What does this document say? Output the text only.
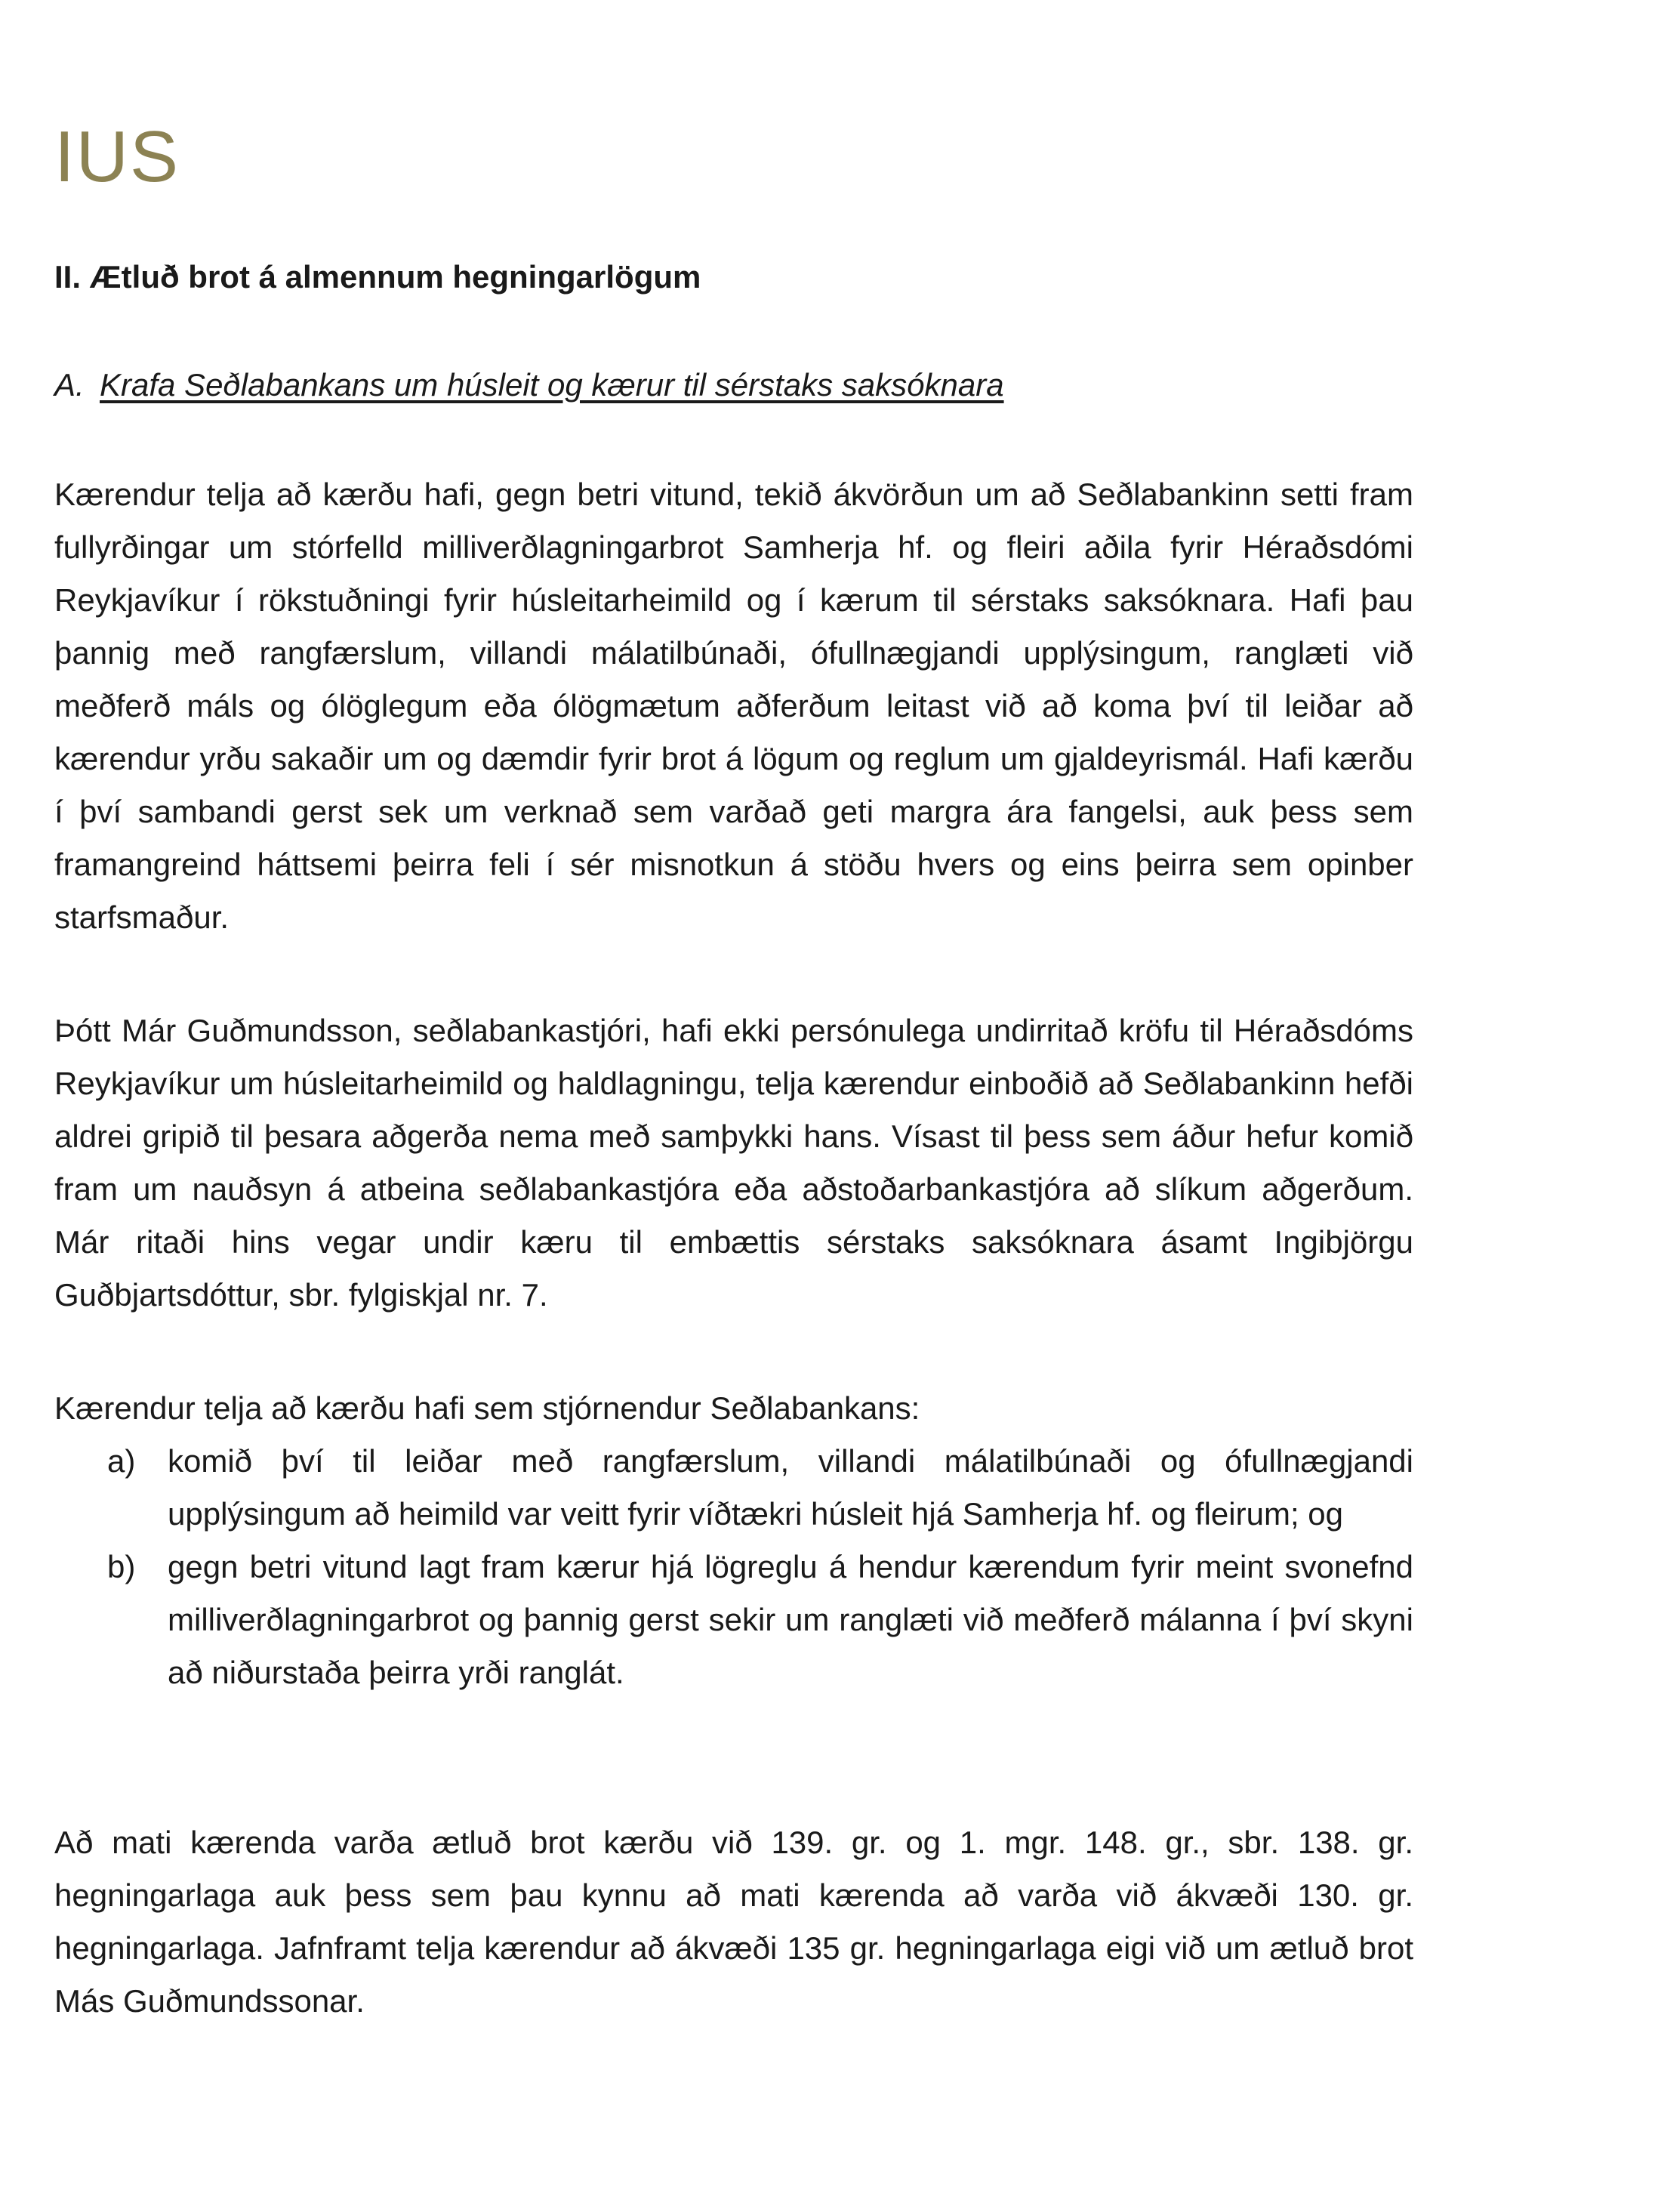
IUS
II. Ætluð brot á almennum hegningarlögum
A. Krafa Seðlabankans um húsleit og kærur til sérstaks saksóknara

Kærendur telja að kærðu hafi, gegn betri vitund, tekið ákvörðun um að Seðlabankinn setti fram fullyrðingar um stórfelld milliverðlagningarbrot Samherja hf. og fleiri aðila fyrir Héraðsdómi Reykjavíkur í rökstuðningi fyrir húsleitarheimild og í kærum til sérstaks saksóknara. Hafi þau þannig með rangfærslum, villandi málatilbúnaði, ófullnægjandi upplýsingum, ranglæti við meðferð máls og ólöglegum eða ólögmætum aðferðum leitast við að koma því til leiðar að kærendur yrðu sakaðir um og dæmdir fyrir brot á lögum og reglum um gjaldeyrismál. Hafi kærðu í því sambandi gerst sek um verknað sem varðað geti margra ára fangelsi, auk þess sem framangreind háttsemi þeirra feli í sér misnotkun á stöðu hvers og eins þeirra sem opinber starfsmaður.

Þótt Már Guðmundsson, seðlabankastjóri, hafi ekki persónulega undirritað kröfu til Héraðsdóms Reykjavíkur um húsleitarheimild og haldlagningu, telja kærendur einboðið að Seðlabankinn hefði aldrei gripið til þesara aðgerða nema með samþykki hans. Vísast til þess sem áður hefur komið fram um nauðsyn á atbeina seðlabankastjóra eða aðstoðarbankastjóra að slíkum aðgerðum. Már ritaði hins vegar undir kæru til embættis sérstaks saksóknara ásamt Ingibjörgu Guðbjartsdóttur, sbr. fylgiskjal nr. 7.

Kærendur telja að kærðu hafi sem stjórnendur Seðlabankans:

a)	komið því til leiðar með rangfærslum, villandi málatilbúnaði og ófullnægjandi upplýsingum að heimild var veitt fyrir víðtækri húsleit hjá Samherja hf. og fleirum; og
b)	gegn betri vitund lagt fram kærur hjá lögreglu á hendur kærendum fyrir meint svonefnd milliverðlagningarbrot og þannig gerst sekir um ranglæti við meðferð málanna í því skyni að niðurstaða þeirra yrði ranglát.

Að mati kærenda varða ætluð brot kærðu við 139. gr. og 1. mgr. 148. gr., sbr. 138. gr. hegningarlaga auk þess sem þau kynnu að mati kærenda að varða við ákvæði 130. gr. hegningarlaga. Jafnframt telja kærendur að ákvæði 135 gr. hegningarlaga eigi við um ætluð brot Más Guðmundssonar.
